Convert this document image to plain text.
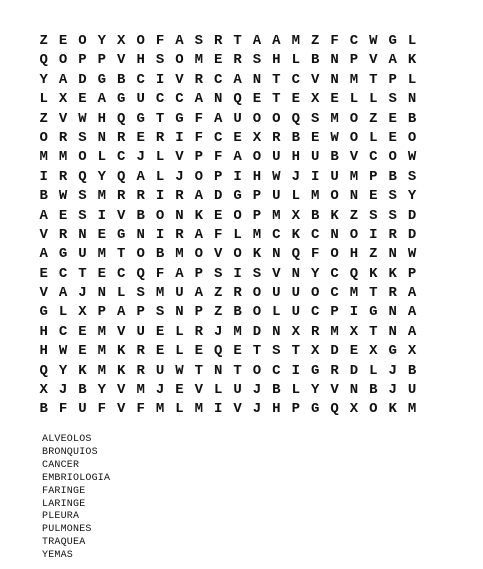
Z E O Y X O F A S R T A A M Z F C W G L
Q O P P V H S O M E R S H L B N P V A K
Y A D G B C I V R C A N T C V N M T P L
L X E A G U C C A N Q E T E X E L L S N
Z V W H Q G T G F A U O O Q S M O Z E B
O R S N R E R I F C E X R B E W O L E O
M M O L C J L V P F A O U H U B V C O W
I R Q Y Q A L J O P I H W J I U M P B S
B W S M R R I R A D G P U L M O N E S Y
A E S I V B O N K E O P M X B K Z S S D
V R N E G N I R A F L M C K C N O I R D
A G U M T O B M O V O K N Q F O H Z N W
E C T E C Q F A P S I S V N Y C Q K K P
V A J N L S M U A Z R O U U O C M T R A
G L X P A P S N P Z B O L U C P I G N A
H C E M V U E L R J M D N X R M X T N A
H W E M K R E L E Q E T S T X D E X G X
Q Y K M K R U W T N T O C I G R D L J B
X J B Y V M J E V L U J B L Y V N B J U
B F U F V F M L M I V J H P G Q X O K M
ALVEOLOS
BRONQUIOS
CANCER
EMBRIOLOGIA
FARINGE
LARINGE
PLEURA
PULMONES
TRAQUEA
YEMAS
